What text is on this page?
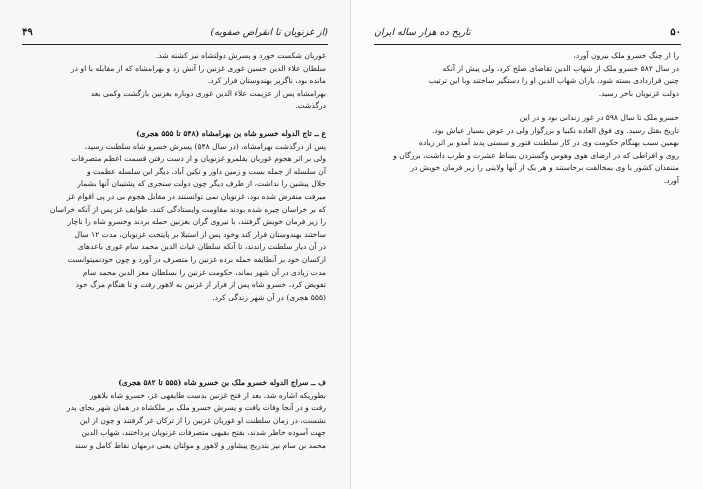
۴۹	(از غزنویان تا انقراض صفویه)

غوریان شکست خورد و پسرش دولتشاه نیز کشته شد.

سلطان علاء الدین حسین غوری غزنین را آتش زد و بهرامشاه که از مقابله با او در

مانده بود، ناگزیر بهندوستان فرار کرد.

بهرامشاه پس از عزیمت علاء الدین غوری دوباره بغزنین بازگشت وکمی بعد

درگذشت.

ع ــ تاج الدوله خسرو شاه بن بهرامشاه (۵۴۸ تا ۵۵۵ هجری)

پس از درگذشت بهرامشاه، (در سال ۵۴۸) پسرش خسرو شاه سلطنت رسید،

ولی بر اثر هجوم غوریان بقلمرو غزنویان و از دست رفتن قسمت اعظم متصرفات

آن سلسله از جمله بست و زمین داور و تکین آباد، دیگر این سلسله عظمت و

جلال پیشین را نداشت، از طرف دیگر چون دولت سنجری که پشتیبان آنها بشمار

میرفت منقرض شده بود، غزنویان نمی توانستند در مقابل هجوم بی در پی اقوام غز

که بر خراسان چیره شده بودند مقاومت وایستادگی کنند. طوایف غز پس از آنکه خراسان

را زیر فرمان خویش گرفتند، با نیروی گران بغزنین حمله بردند وخسرو شاه را ناچار

ساختند بهندوستان فرار کند وخود پس از استیلا بر پایتخت غزنویان، مدت ۱۲ سال

در آن دیار سلطنت راندند، تا آنکه سلطان غیاث الدین محمد سام غوری باعدهای

ازکسان خود بر آنطایفه حمله برده غزنین را متصرف در آورد و چون خودنمیتوانست

مدت زیادی در آن شهر بماند، حکومت غزنین را بسلطان معز الدین محمد سام

تفویض کرد، خسرو شاه پس از فرار از غزنین به لاهور رفت و تا هنگام مرگ خود

(۵۵۵ هجری) در آن شهر زندگی کرد.

ف ــ سراج الدوله خسرو ملک بن خسرو شاه (۵۵۵ تا ۵۸۲ هجری)

بطوریکه اشاره شد، بعد از فتح غزنین بدست طایفهی غز، خسرو شاه بلاهور

رفت و در آنجا وفات یافت و پسرش خسرو ملک بر ملکشاه در همان شهر بجای پدر

نشست، در زمان سلطنت او غوریان غزنین را از ترکان غز گرفتند و چون از این

جهت آسوده خاطر شدند، بفتح بقیهی متصرفات غزنویان پرداختند، شهاب الدین

محمد بن سام نیز بتدریج پیشاور و لاهور و مولتان یعنی درمهان نقاط کامل و سند

تاریخ ده هزار ساله ایران	۵۰

را از چنگ خسرو ملک بیرون آورد،

در سال ۵۸۲ خسرو ملک از شهاب الدین تقاضای صلح کرد، ولی پیش از آنکه

چنین قراردادی بسته شود، یاران شهاب الدین او را دستگیر ساختند وبا این ترتیب

دولت غزنویان باخر رسید.

خسرو ملک تا سال ۵۹۸ در غور زندانی بود و در این

تاریخ بقتل رسید. وی فوق العاده نکبیا و بزرگوار ولی در عوض بسیار عیاش بود.

بهمین سبب بهنگام حکومت وی در کار سلطنت فتور و سستی پدید آمدو بر اثر زیاده

روی و افراطی که در ارضای هوی وهوس وگستردن بساط عشرت و طرب داشت، بزرگان و

متنفذان کشور با وی بمخالفت برخاستند و هر یک از آنها ولایتی را زیر فرمان خویش در

آورد.
